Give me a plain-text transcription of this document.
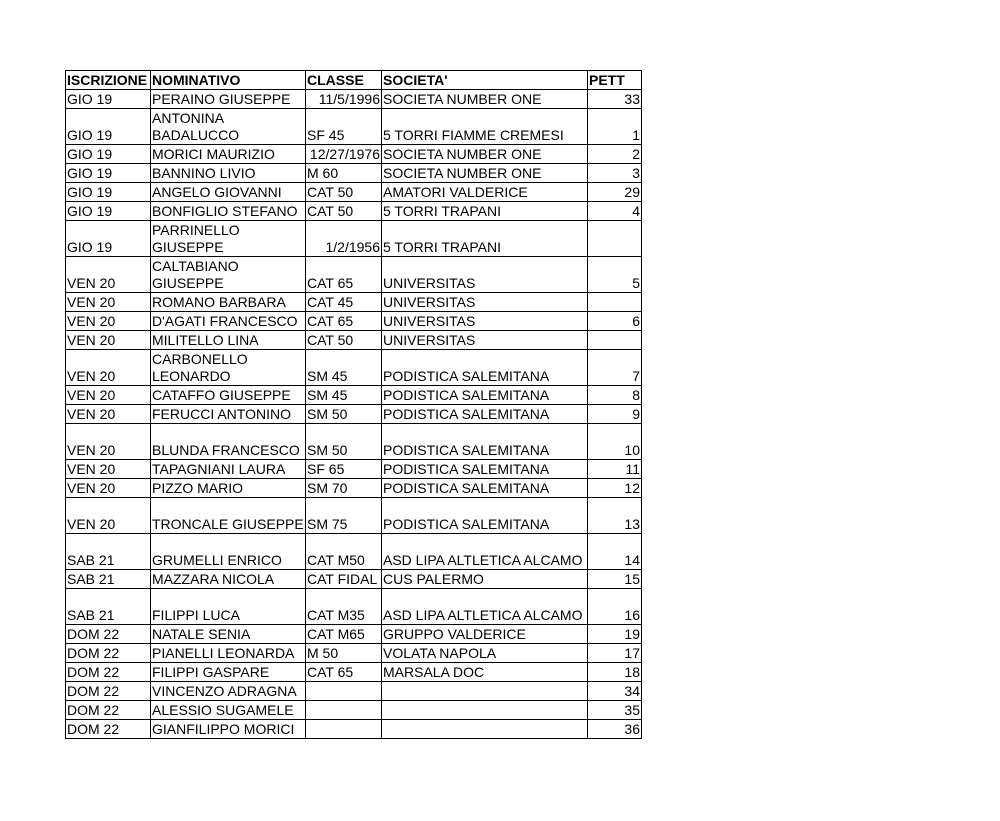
ISCRIZIONE	NOMINATIVO	CLASSE	SOCIETA'	PETT
GIO 19	PERAINO GIUSEPPE	11/5/1996	SOCIETA NUMBER ONE	33
GIO 19	ANTONINA BADALUCCO	SF 45	5 TORRI FIAMME CREMESI	1
GIO 19	MORICI MAURIZIO	12/27/1976	SOCIETA NUMBER ONE	2
GIO 19	BANNINO LIVIO	M 60	SOCIETA NUMBER ONE	3
GIO 19	ANGELO GIOVANNI	CAT 50	AMATORI VALDERICE	29
GIO 19	BONFIGLIO STEFANO	CAT 50	5 TORRI TRAPANI	4
GIO 19	PARRINELLO GIUSEPPE	1/2/1956	5 TORRI TRAPANI	
VEN 20	CALTABIANO GIUSEPPE	CAT 65	UNIVERSITAS	5
VEN 20	ROMANO BARBARA	CAT 45	UNIVERSITAS	
VEN 20	D'AGATI FRANCESCO	CAT 65	UNIVERSITAS	6
VEN 20	MILITELLO LINA	CAT 50	UNIVERSITAS	
VEN 20	CARBONELLO LEONARDO	SM 45	PODISTICA SALEMITANA	7
VEN 20	CATAFFO GIUSEPPE	SM 45	PODISTICA SALEMITANA	8
VEN 20	FERUCCI ANTONINO	SM 50	PODISTICA SALEMITANA	9
VEN 20	BLUNDA FRANCESCO	SM 50	PODISTICA SALEMITANA	10
VEN 20	TAPAGNIANI LAURA	SF 65	PODISTICA SALEMITANA	11
VEN 20	PIZZO MARIO	SM 70	PODISTICA SALEMITANA	12
VEN 20	TRONCALE GIUSEPPE	SM 75	PODISTICA SALEMITANA	13
SAB 21	GRUMELLI ENRICO	CAT M50	ASD LIPA ALTLETICA ALCAMO	14
SAB 21	MAZZARA NICOLA	CAT FIDAL	CUS PALERMO	15
SAB 21	FILIPPI LUCA	CAT M35	ASD LIPA ALTLETICA ALCAMO	16
DOM 22	NATALE SENIA	CAT M65	GRUPPO VALDERICE	19
DOM 22	PIANELLI LEONARDA	M 50	VOLATA NAPOLA	17
DOM 22	FILIPPI GASPARE	CAT 65	MARSALA DOC	18
DOM 22	VINCENZO ADRAGNA			34
DOM 22	ALESSIO SUGAMELE			35
DOM 22	GIANFILIPPO MORICI			36
